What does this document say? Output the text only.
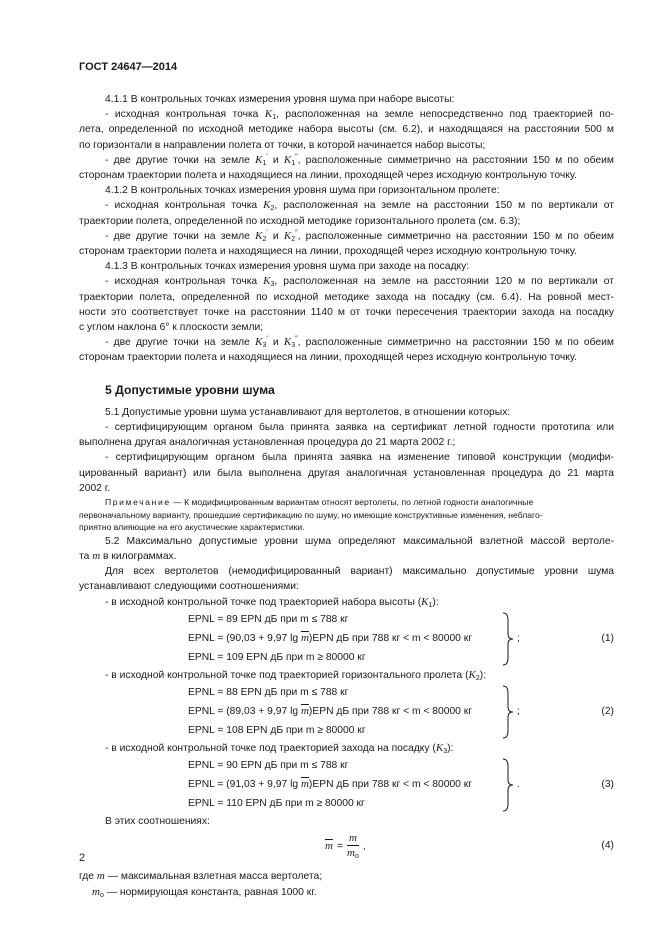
ГОСТ 24647—2014

4.1.1 В контрольных точках измерения уровня шума при наборе высоты:

- исходная контрольная точка $K_1$, расположенная на земле непосредственно под траекторией по-

лета, определенной по исходной методике набора высоты (см. 6.2), и находящаяся на расстоянии 500 м

по горизонтали в направлении полета от точки, в которой начинается набор высоты;

- две другие точки на земле $K_1'$ и $K_1''$, расположенные симметрично на расстоянии 150 м по обеим

сторонам траектории полета и находящиеся на линии, проходящей через исходную контрольную точку.

4.1.2 В контрольных точках измерения уровня шума при горизонтальном пролете:

- исходная контрольная точка $K_2$, расположенная на земле на расстоянии 150 м по вертикали от

траектории полета, определенной по исходной методике горизонтального пролета (см. 6.3);

- две другие точки на земле $K_2'$ и $K_2''$, расположенные симметрично на расстоянии 150 м по обеим

сторонам траектории полета и находящиеся на линии, проходящей через исходную контрольную точку.

4.1.3 В контрольных точках измерения уровня шума при заходе на посадку:

- исходная контрольная точка $K_3$, расположенная на земле на расстоянии 120 м по вертикали от

траектории полета, определенной по исходной методике захода на посадку (см. 6.4). На ровной мест-

ности это соответствует точке на расстоянии 1140 м от точки пересечения траектории захода на посадку

с углом наклона 6° к плоскости земли;

- две другие точки на земле $K_3'$ и $K_3''$, расположенные симметрично на расстоянии 150 м по обеим

сторонам траектории полета и находящиеся на линии, проходящей через исходную контрольную точку.

5 Допустимые уровни шума

5.1 Допустимые уровни шума устанавливают для вертолетов, в отношении которых:

- сертифицирующим органом была принята заявка на сертификат летной годности прототипа или

выполнена другая аналогичная установленная процедура до 21 марта 2002 г.;

- сертифицирующим органом была принята заявка на изменение типовой конструкции (модифи-

цированный вариант) или была выполнена другая аналогичная установленная процедура до 21 марта

2002 г.

Примечание — К модифицированным вариантам относят вертолеты, по летной годности аналогичные
первоначальному варианту, прошедшие сертификацию по шуму, но имеющие конструктивные изменения, неблаго-
приятно влияющие на его акустические характеристики.

5.2 Максимально допустимые уровни шума определяют максимальной взлетной массой вертоле-

та m в килограммах.

Для всех вертолетов (немодифицированный вариант) максимально допустимые уровни шума

устанавливают следующими соотношениями:

- в исходной контрольной точке под траекторией набора высоты $(K_1)$:

EPNL = 89 EPN дБ при m ≤ 788 кг
EPNL = (90,03 + 9,97 $\lg \overline{m})EPN$ дБ при 788 кг < m < 80000 кг
EPNL = 109 EPN дБ при m ≥ 80000 кг
;	(1)

- в исходной контрольной точке под траекторией горизонтального пролета $(K_2)$:

EPNL = 88 EPN дБ при m ≤ 788 кг
EPNL = (89,03 + 9,97 $\lg \overline{m})EPN$ дБ при 788 кг < m < 80000 кг
EPNL = 108 EPN дБ при m ≥ 80000 кг
;	(2)

- в исходной контрольной точке под траекторией захода на посадку $(K_3)$:

EPNL = 90 EPN дБ при m ≤ 788 кг
EPNL = (91,03 + 9,97 $\lg \overline{m})EPN$ дБ при 788 кг < m < 80000 кг
EPNL = 110 EPN дБ при m ≥ 80000 кг
.	(3)

В этих соотношениях:

$\overline{m}$ =
m
$m_о$
,	(4)

где m — максимальная взлетная масса вертолета;

$m_о$ — нормирующая константа, равная 1000 кг.

2
